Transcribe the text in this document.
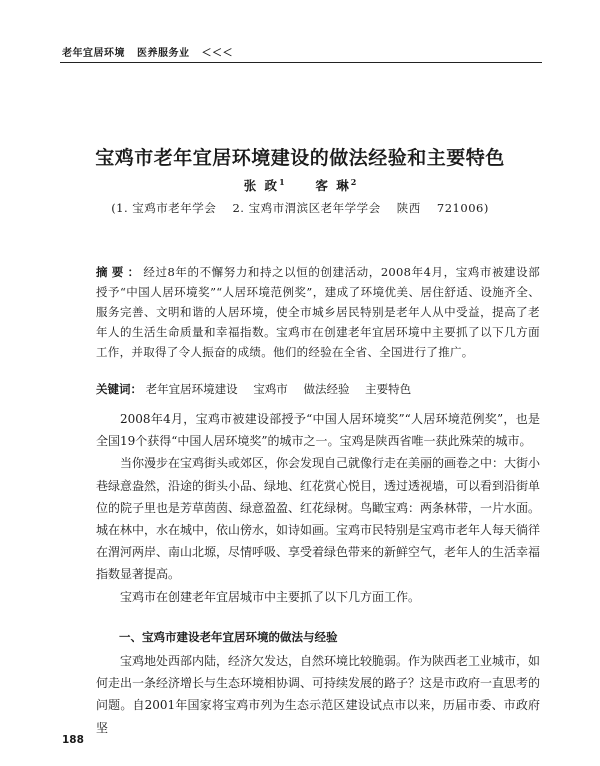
老年宜居环境 医养服务业 ＜＜＜
宝鸡市老年宜居环境建设的做法经验和主要特色
张 政$^1$ 客 琳$^2$
(1. 宝鸡市老年学会 2. 宝鸡市渭滨区老年学学会 陕西 721006)
摘要：经过8年的不懈努力和持之以恒的创建活动，2008年4月，宝鸡市被建设部授予“中国人居环境奖”“人居环境范例奖”，建成了环境优美、居住舒适、设施齐全、服务完善、文明和谐的人居环境，使全市城乡居民特别是老年人从中受益，提高了老年人的生活生命质量和幸福指数。宝鸡市在创建老年宜居环境中主要抓了以下几方面工作，并取得了令人振奋的成绩。他们的经验在全省、全国进行了推广。
关键词： 老年宜居环境建设 宝鸡市 做法经验 主要特色

2008年4月，宝鸡市被建设部授予“中国人居环境奖”“人居环境范例奖”，也是全国19个获得“中国人居环境奖”的城市之一。宝鸡是陕西省唯一获此殊荣的城市。

当你漫步在宝鸡街头或郊区，你会发现自己就像行走在美丽的画卷之中：大街小巷绿意盎然，沿途的街头小品、绿地、红花赏心悦目，透过透视墙，可以看到沿街单位的院子里也是芳草茵茵、绿意盈盈、红花绿树。鸟瞰宝鸡：两条林带，一片水面。城在林中，水在城中，依山傍水，如诗如画。宝鸡市民特别是宝鸡市老年人每天徜徉在渭河两岸、南山北塬，尽情呼吸、享受着绿色带来的新鲜空气，老年人的生活幸福指数显著提高。

宝鸡市在创建老年宜居城市中主要抓了以下几方面工作。

一、宝鸡市建设老年宜居环境的做法与经验

宝鸡地处西部内陆，经济欠发达，自然环境比较脆弱。作为陕西老工业城市，如何走出一条经济增长与生态环境相协调、可持续发展的路子？这是市政府一直思考的问题。自2001年国家将宝鸡市列为生态示范区建设试点市以来，历届市委、市政府坚

188
